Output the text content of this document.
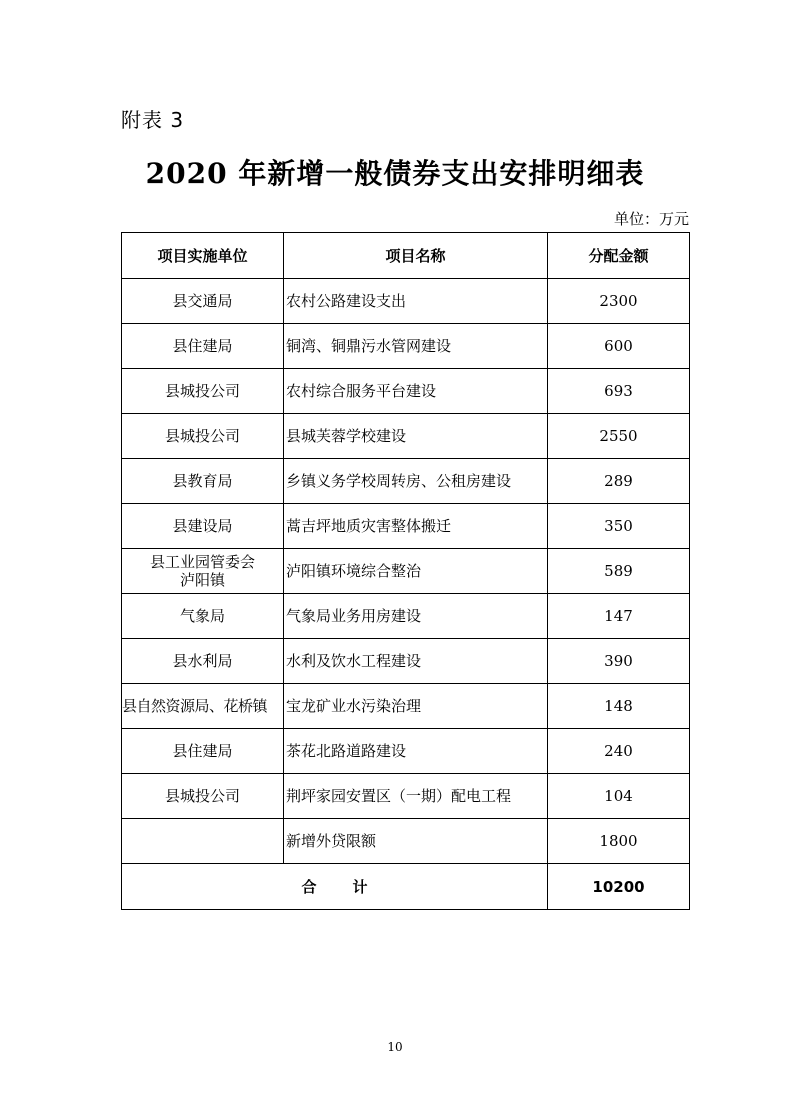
附表 3
2020 年新增一般债券支出安排明细表
单位：万元
项目实施单位	项目名称	分配金额
县交通局	农村公路建设支出	2300
县住建局	铜湾、铜鼎污水管网建设	600
县城投公司	农村综合服务平台建设	693
县城投公司	县城芙蓉学校建设	2550
县教育局	乡镇义务学校周转房、公租房建设	289
县建设局	蒿吉坪地质灾害整体搬迁	350

县工业园管委会
泸阳镇	泸阳镇环境综合整治	589
气象局	气象局业务用房建设	147
县水利局	水利及饮水工程建设	390
县自然资源局、花桥镇	宝龙矿业水污染治理	148
县住建局	茶花北路道路建设	240
县城投公司	荆坪家园安置区（一期）配电工程	104
	新增外贷限额	1800
合计		10200
10
